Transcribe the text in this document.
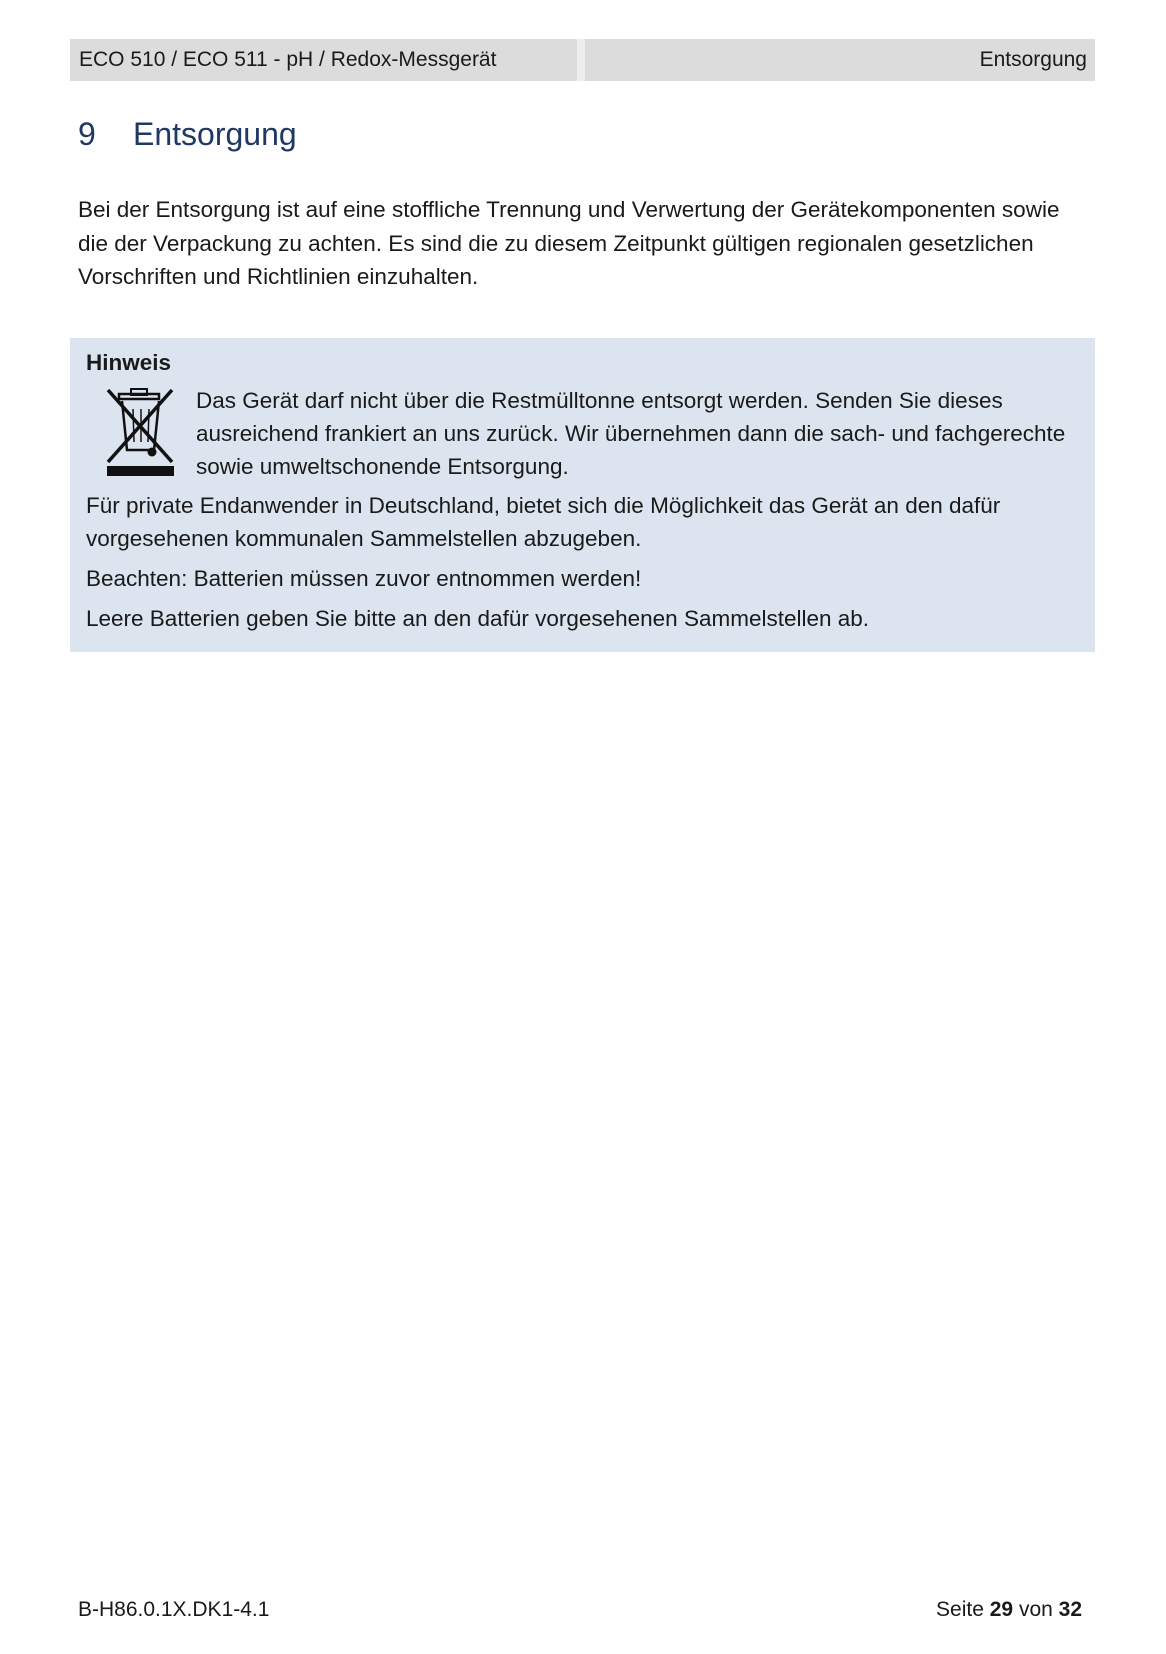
ECO 510 / ECO 511 - pH / Redox-Messgerät	Entsorgung
9	Entsorgung

Bei der Entsorgung ist auf eine stoffliche Trennung und Verwertung der Gerätekomponenten sowie die der Verpackung zu achten. Es sind die zu diesem Zeitpunkt gültigen regionalen gesetzlichen Vorschriften und Richtlinien einzuhalten.

Hinweis

Das Gerät darf nicht über die Restmülltonne entsorgt werden. Senden Sie dieses ausreichend frankiert an uns zurück. Wir übernehmen dann die sach- und fachgerechte sowie umweltschonende Entsorgung.

Für private Endanwender in Deutschland, bietet sich die Möglichkeit das Gerät an den dafür vorgesehenen kommunalen Sammelstellen abzugeben.

Beachten: Batterien müssen zuvor entnommen werden!

Leere Batterien geben Sie bitte an den dafür vorgesehenen Sammelstellen ab.

B-H86.0.1X.DK1-4.1	Seite 29 von 32
